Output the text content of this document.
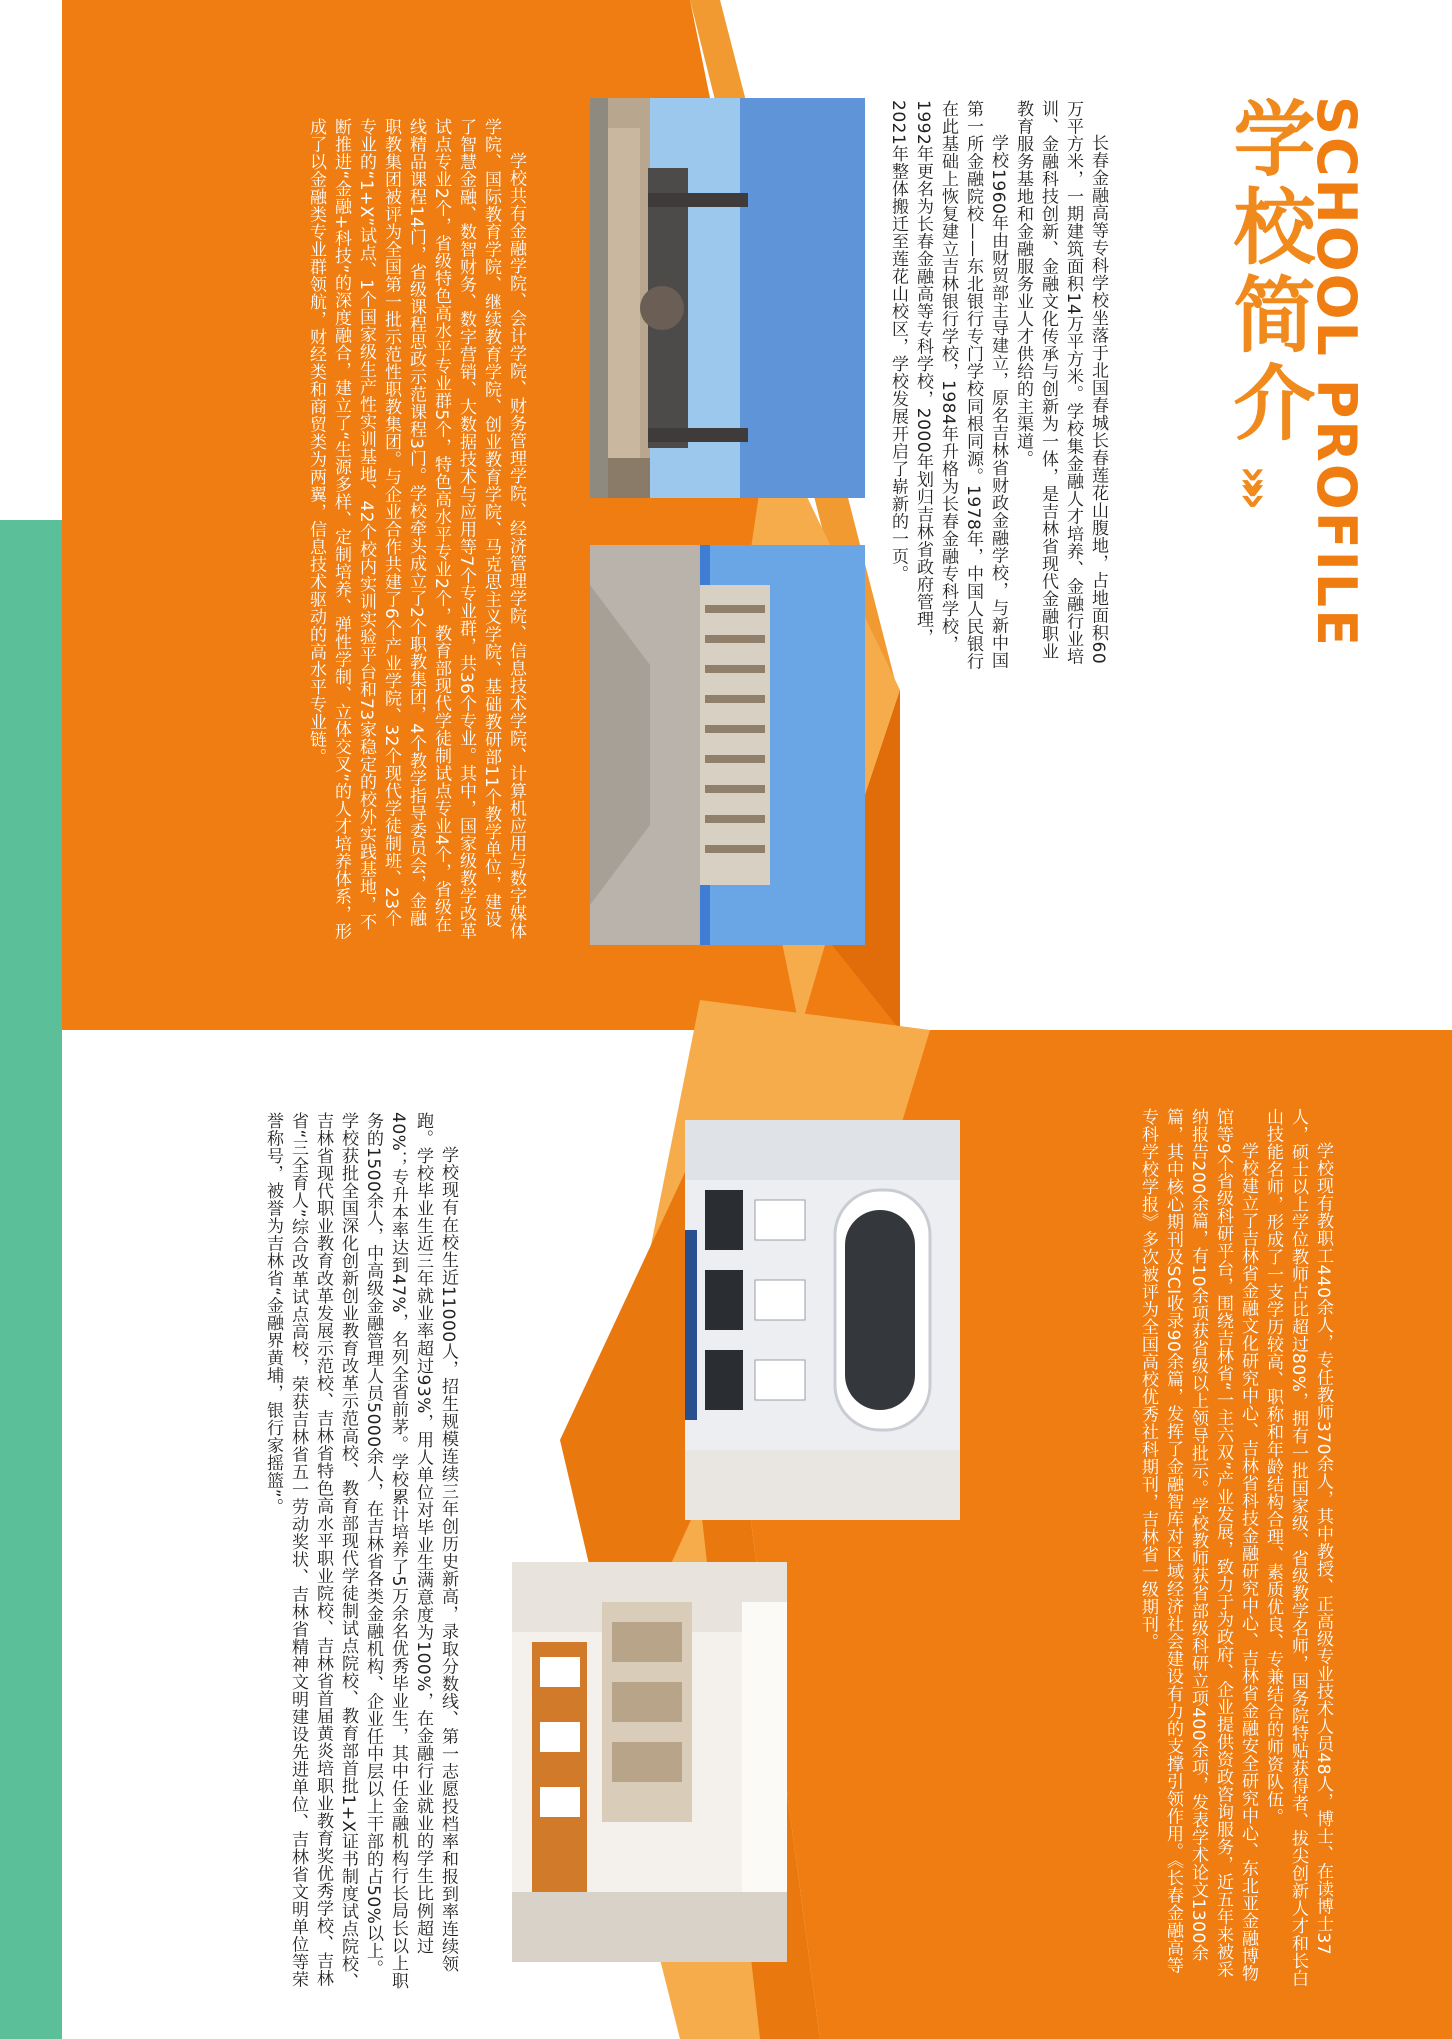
SCHOOL PROFILE
学校简介
»»

长春金融高等专科学校坐落于北国春城长春莲花山腹地，占地面积60万平方米，一期建筑面积14万平方米。学校集金融人才培养、金融行业培训、金融科技创新、金融文化传承与创新为一体，是吉林省现代金融职业教育服务基地和金融服务业人才供给的主渠道。

学校1960年由财贸部主导建立，原名吉林省财政金融学校，与新中国第一所金融院校——东北银行专门学校同根同源。1978年，中国人民银行在此基础上恢复建立吉林银行学校，1984年升格为长春金融专科学校，1992年更名为长春金融高等专科学校，2000年划归吉林省政府管理，2021年整体搬迁至莲花山校区，学校发展开启了崭新的一页。

学校共有金融学院、会计学院、财务管理学院、经济管理学院、信息技术学院、计算机应用与数字媒体学院、国际教育学院、继续教育学院、创业教育学院、马克思主义学院、基础教研部11个教学单位，建设了智慧金融、数智财务、数字营销、大数据技术与应用等7个专业群，共36个专业。其中，国家级教学改革试点专业2个，省级特色高水平专业群5个，特色高水平专业2个，教育部现代学徒制试点专业4个，省级在线精品课程14门，省级课程思政示范课程3门。学校牵头成立了2个职教集团，4个教学指导委员会，金融职教集团被评为全国第一批示范性职教集团。与企业合作共建了6个产业学院、32个现代学徒制班、23个专业的“1+X”试点、1个国家级生产性实训基地、42个校内实训实验平台和73家稳定的校外实践基地，不断推进“金融+科技”的深度融合，建立了“生源多样、定制培养、弹性学制、立体交叉”的人才培养体系，形成了以金融类专业群领航，财经类和商贸类为两翼，信息技术驱动的高水平专业链。

学校现有教职工440余人，专任教师370余人，其中教授、正高级专业技术人员48人，博士、在读博士37人，硕士以上学位教师占比超过80%，拥有一批国家级、省级教学名师，国务院特贴获得者、拔尖创新人才和长白山技能名师，形成了一支学历较高、职称和年龄结构合理、素质优良、专兼结合的师资队伍。

学校建立了吉林省金融文化研究中心、吉林省科技金融研究中心、吉林省金融安全研究中心、东北亚金融博物馆等9个省级科研平台，围绕吉林省“一主六双”产业发展，致力于为政府、企业提供资政咨询服务，近五年来被采纳报告200余篇，有10余项获省级以上领导批示。学校教师获省部级科研立项400余项，发表学术论文1300余篇，其中核心期刊及SCI收录90余篇，发挥了金融智库对区域经济社会建设有力的支撑引领作用。《长春金融高等专科学校学报》多次被评为全国高校优秀社科期刊，吉林省一级期刊。

学校现有在校生近11000人，招生规模连续三年创历史新高，录取分数线、第一志愿投档率和报到率连续领跑。学校毕业生近三年就业率超过93%，用人单位对毕业生满意度为100%，在金融行业就业的学生比例超过40%；专升本率达到47%，名列全省前茅。学校累计培养了5万余名优秀毕业生，其中任金融机构行长局长以上职务的1500余人，中高级金融管理人员5000余人，在吉林省各类金融机构、企业任中层以上干部的占50%以上。学校获批全国深化创新创业教育改革示范高校、教育部现代学徒制试点院校、教育部首批1+X证书制度试点院校、吉林省现代职业教育改革发展示范校、吉林省特色高水平职业院校、吉林省首届黄炎培职业教育奖优秀学校、吉林省“三全育人”综合改革试点高校，荣获吉林省五一劳动奖状、吉林省精神文明建设先进单位、吉林省文明单位等荣誉称号，被誉为吉林省“金融界黄埔，银行家摇篮”。
